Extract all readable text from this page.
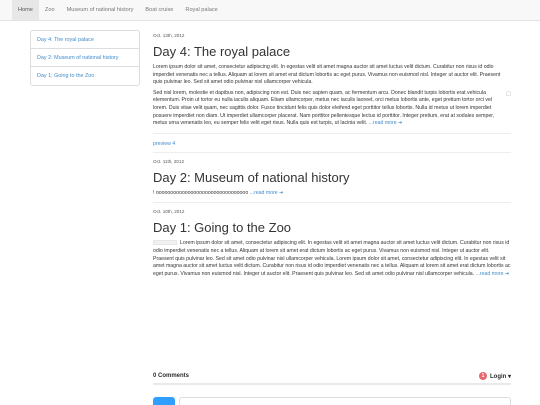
Home	Zoo	Museum of national history	Boat cruise	Royal palace
Day 4: The royal palace
Day 2: Museum of national history
Day 1: Going to the Zoo
Oct. 13th, 2012
Day 4: The royal palace

Lorem ipsum dolor sit amet, consectetur adipiscing elit. In egestas velit sit amet magna auctor sit amet luctus velit dictum. Curabitur non risus id odio imperdiet venenatis nec a tellus. Aliquam at lorem sit amet erat dictum lobortis ac eget purus. Vivamus non euismod nisl. Integer ut auctor elit. Praesent quis pulvinar leo. Sed sit amet odio pulvinar nisl ullamcorper vehicula.

Sed nisl lorem, molestie et dapibus non, adipiscing non est. Duis nec sapien quam, ac fermentum arcu. Donec blandit turpis lobortis erat vehicula elementum. Proin ut tortor eu nulla iaculis aliquam. Etiam ullamcorper, metus nec iaculis laoreet, orci metus lobortis ante, eget pretium tortor orci vel lorem. Duis vitae velit quam, nec sagittis dolor. Fusce tincidunt felis quis dolor eleifend eget porttitor tellus lobortis. Nulla id metus ut lorem imperdiet posuere imperdiet non diam. Ut imperdiet ullamcorper placerat. Nam porttitor pellentesque lectus id porttitor. Integer pretium, erat at sodales semper, metus urna venenatis leo, eu semper felis velit eget risus. Nulla quis est turpis, ut lacinia velit. ...read more ➔

preview 4
Oct. 11th, 2012
Day 2: Museum of national history

! oooooooooooooooooooooooooooooooo ...read more ➔

Oct. 10th, 2012
Day 1: Going to the Zoo

Lorem ipsum dolor sit amet, consectetur adipiscing elit. In egestas velit sit amet magna auctor sit amet luctus velit dictum. Curabitur non risus id odio imperdiet venenatis nec a tellus. Aliquam at lorem sit amet erat dictum lobortis ac eget purus. Vivamus non euismod nisl. Integer ut auctor elit. Praesent quis pulvinar leo. Sed sit amet odio pulvinar nisl ullamcorper vehicula. Lorem ipsum dolor sit amet, consectetur adipiscing elit. In egestas velit sit amet magna auctor sit amet luctus velit dictum. Curabitur non risus id odio imperdiet venenatis nec a tellus. Aliquam at lorem sit amet erat dictum lobortis ac eget purus. Vivamus non euismod nisl. Integer ut auctor elit. Praesent quis pulvinar leo. Sed sit amet odio pulvinar nisl ullamcorper vehicula. ...read more ➔

0 Comments	1 Login ▾
